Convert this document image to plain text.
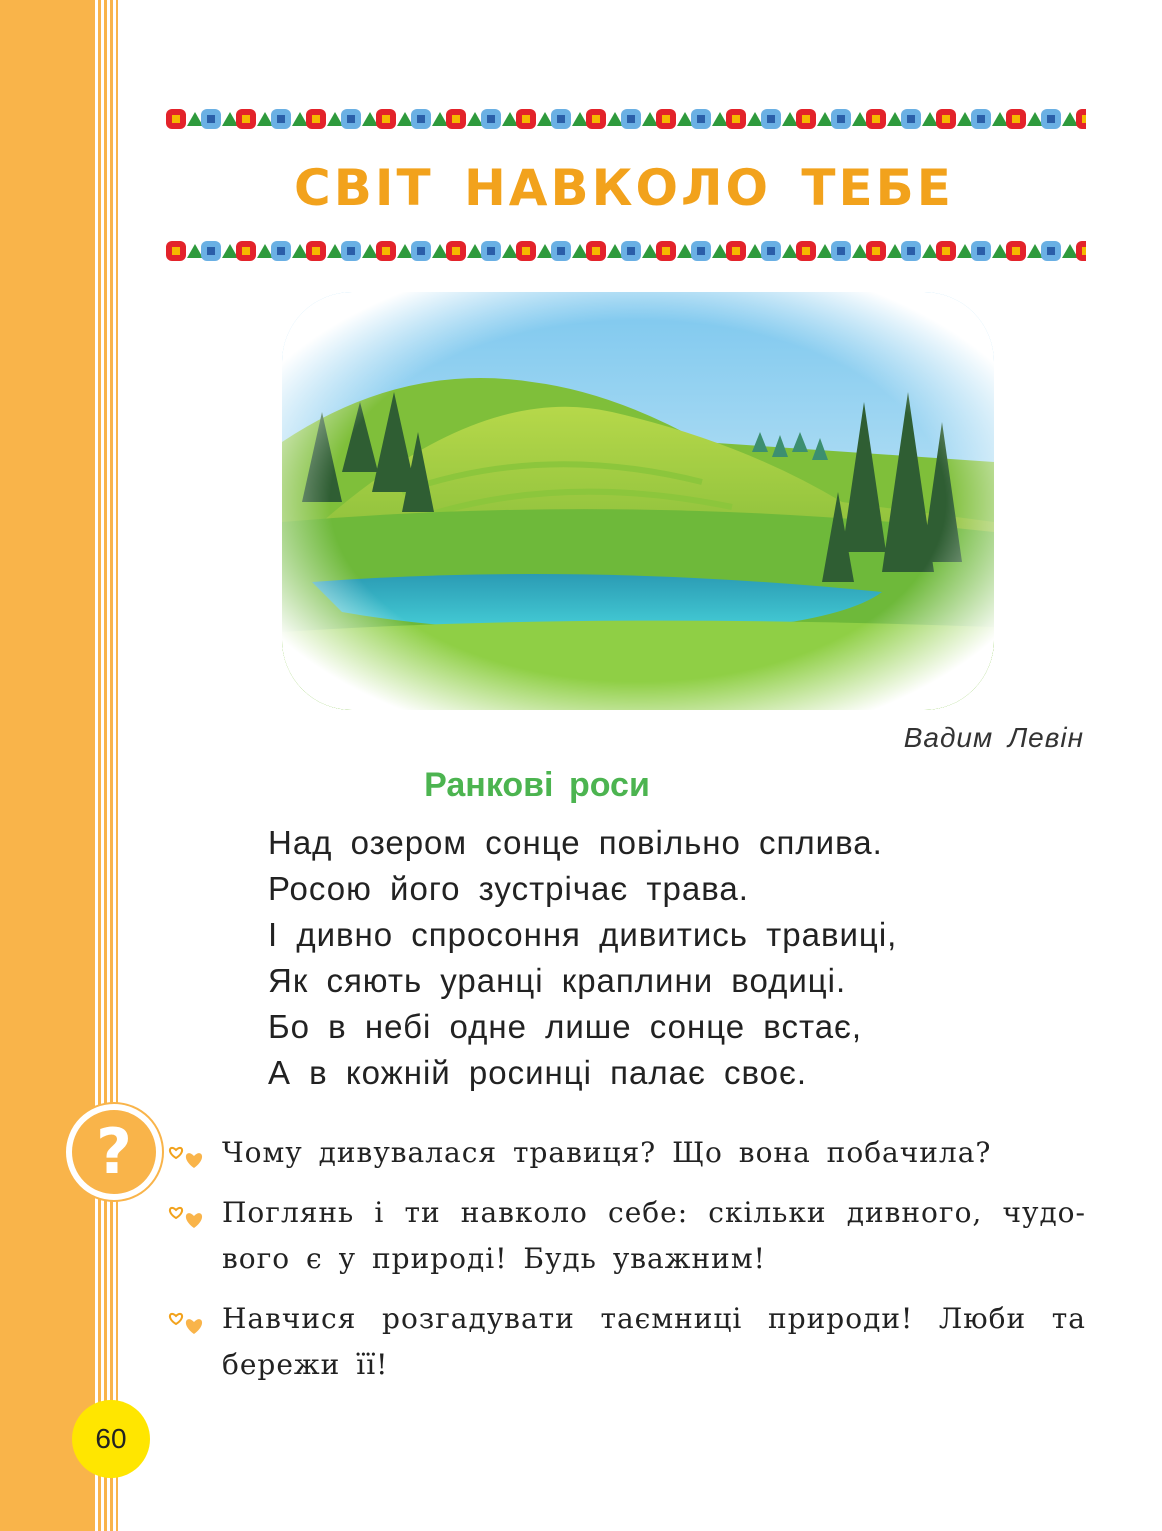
СВІТ НАВКОЛО ТЕБЕ
Вадим Левін
Ранкові роси
Над озером сонце повільно сплива.
Росою його зустрічає трава.
І дивно спросоння дивитись травиці,
Як сяють уранці краплини водиці.
Бо в небі одне лише сонце встає,
А в кожній росинці палає своє.
?	Чому дивувалася травиця? Що вона побачила?
Поглянь і ти навколо себе: скільки дивного, чудо-вого є у природі! Будь уважним!
Навчися розгадувати таємниці природи! Люби та бережи її!
60
